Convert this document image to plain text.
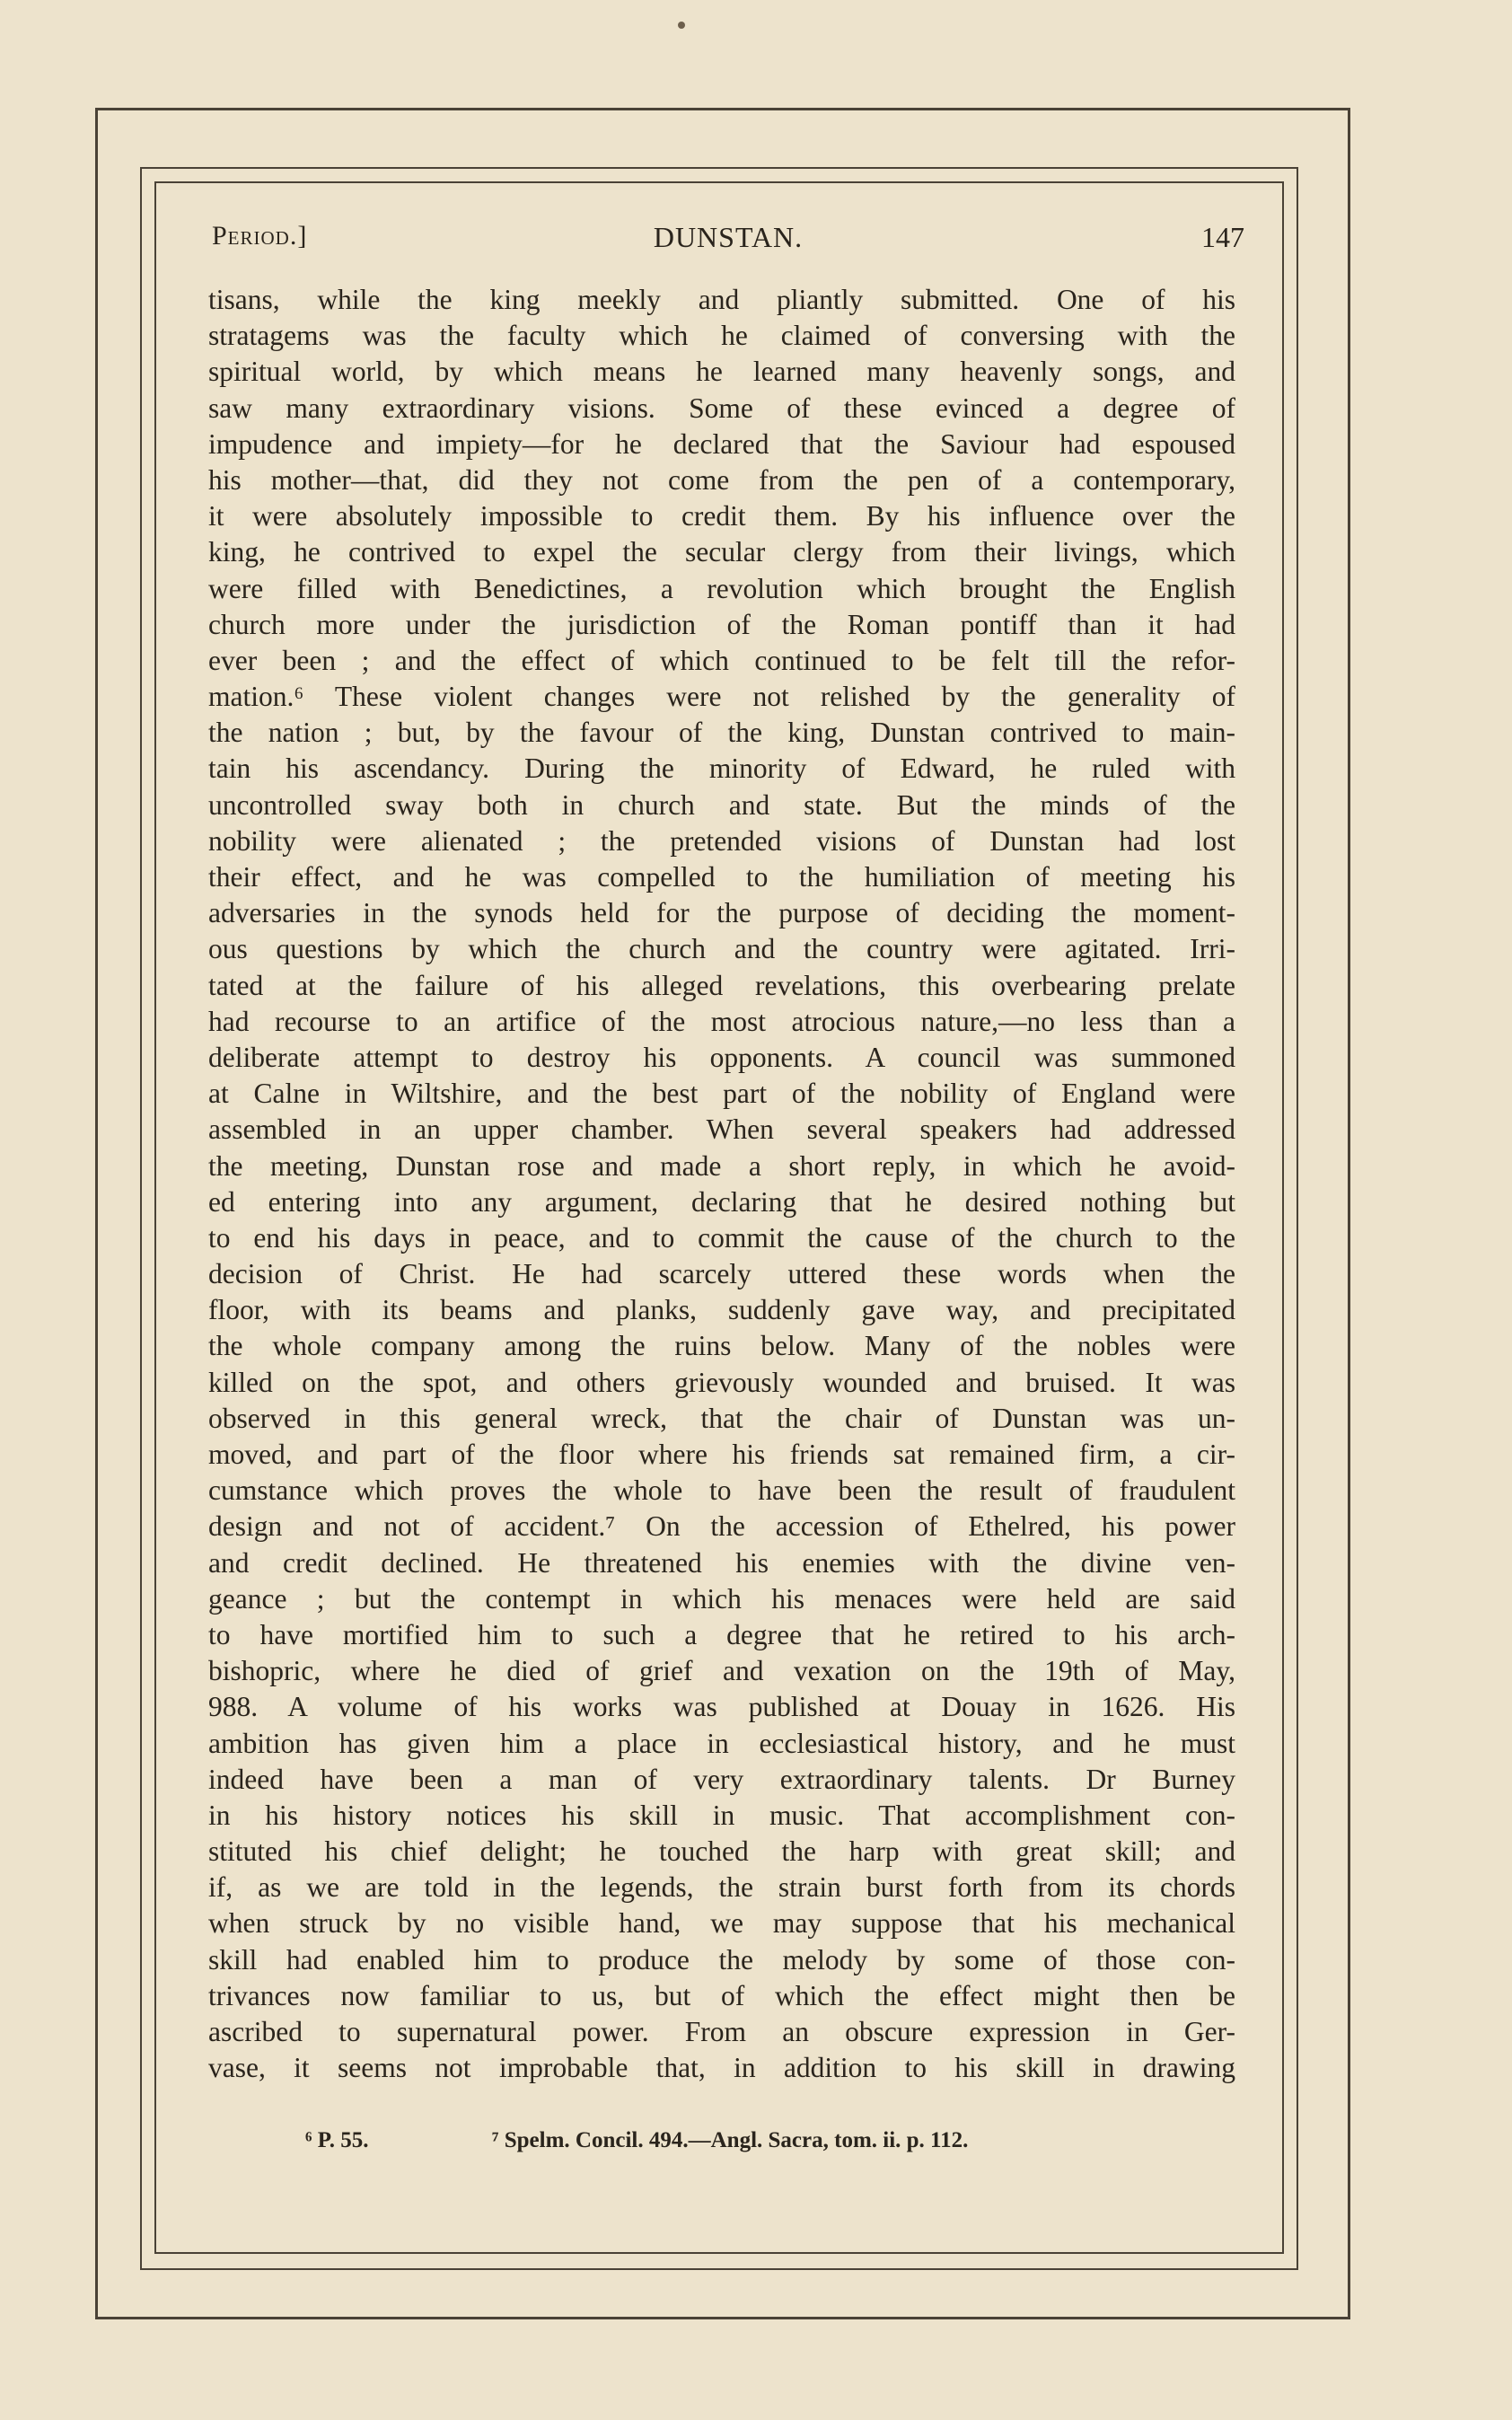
Period.]	DUNSTAN.	147
tisans, while the king meekly and pliantly submitted. One of his
stratagems was the faculty which he claimed of conversing with the
spiritual world, by which means he learned many heavenly songs, and
saw many extraordinary visions. Some of these evinced a degree of
impudence and impiety—for he declared that the Saviour had espoused
his mother—that, did they not come from the pen of a contemporary,
it were absolutely impossible to credit them. By his influence over the
king, he contrived to expel the secular clergy from their livings, which
were filled with Benedictines, a revolution which brought the English
church more under the jurisdiction of the Roman pontiff than it had
ever been ; and the effect of which continued to be felt till the refor-
mation.⁶ These violent changes were not relished by the generality of
the nation ; but, by the favour of the king, Dunstan contrived to main-
tain his ascendancy. During the minority of Edward, he ruled with
uncontrolled sway both in church and state. But the minds of the
nobility were alienated ; the pretended visions of Dunstan had lost
their effect, and he was compelled to the humiliation of meeting his
adversaries in the synods held for the purpose of deciding the moment-
ous questions by which the church and the country were agitated. Irri-
tated at the failure of his alleged revelations, this overbearing prelate
had recourse to an artifice of the most atrocious nature,—no less than a
deliberate attempt to destroy his opponents. A council was summoned
at Calne in Wiltshire, and the best part of the nobility of England were
assembled in an upper chamber. When several speakers had addressed
the meeting, Dunstan rose and made a short reply, in which he avoid-
ed entering into any argument, declaring that he desired nothing but
to end his days in peace, and to commit the cause of the church to the
decision of Christ. He had scarcely uttered these words when the
floor, with its beams and planks, suddenly gave way, and precipitated
the whole company among the ruins below. Many of the nobles were
killed on the spot, and others grievously wounded and bruised. It was
observed in this general wreck, that the chair of Dunstan was un-
moved, and part of the floor where his friends sat remained firm, a cir-
cumstance which proves the whole to have been the result of fraudulent
design and not of accident.⁷ On the accession of Ethelred, his power
and credit declined. He threatened his enemies with the divine ven-
geance ; but the contempt in which his menaces were held are said
to have mortified him to such a degree that he retired to his arch-
bishopric, where he died of grief and vexation on the 19th of May,
988. A volume of his works was published at Douay in 1626. His
ambition has given him a place in ecclesiastical history, and he must
indeed have been a man of very extraordinary talents. Dr Burney
in his history notices his skill in music. That accomplishment con-
stituted his chief delight; he touched the harp with great skill; and
if, as we are told in the legends, the strain burst forth from its chords
when struck by no visible hand, we may suppose that his mechanical
skill had enabled him to produce the melody by some of those con-
trivances now familiar to us, but of which the effect might then be
ascribed to supernatural power. From an obscure expression in Ger-
vase, it seems not improbable that, in addition to his skill in drawing
⁶ P. 55.	⁷ Spelm. Concil. 494.—Angl. Sacra, tom. ii. p. 112.
